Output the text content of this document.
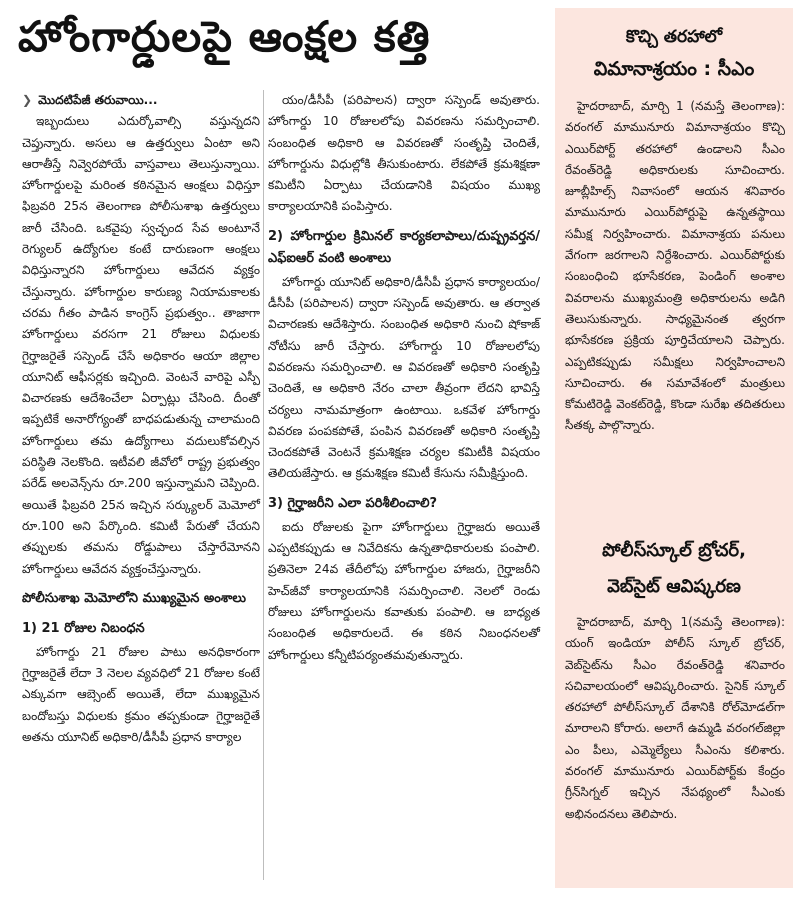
హోంగార్డులపై ఆంక్షల కత్తి

❯ మొదటిపేజీ తరువాయి...

ఇబ్బందులు ఎదుర్కోవాల్సి వస్తున్నదని చెప్తున్నారు. అసలు ఆ ఉత్తర్వులు ఏంటా అని ఆరాతీస్తే నివ్వెరపోయే వాస్తవాలు తెలుస్తున్నాయి. హోంగార్డులపై మరింత కఠినమైన ఆంక్షలు విధిస్తూ ఫిబ్రవరి 25న తెలంగాణ పోలీసుశాఖ ఉత్తర్వులు జారీ చేసింది. ఒకవైపు స్వచ్ఛంద సేవ అంటూనే రెగ్యులర్ ఉద్యోగుల కంటే దారుణంగా ఆంక్షలు విధిస్తున్నారని హోంగార్డులు ఆవేదన వ్యక్తం చేస్తున్నారు. హోంగార్డుల కారుణ్య నియామకాలకు చరమ గీతం పాడిన కాంగ్రెస్ ప్రభుత్వం.. తాజాగా హోంగార్డులు వరసగా 21 రోజులు విధులకు గైర్హాజరైతే సస్పెండ్ చేసే అధికారం ఆయా జిల్లాల యూనిట్ ఆఫీసర్లకు ఇచ్చింది. వెంటనే వారిపై ఎస్పీ విచారణకు ఆదేశించేలా ఏర్పాట్లు చేసింది. దీంతో ఇప్పటికే అనారోగ్యంతో బాధపడుతున్న చాలామంది హోంగార్డులు తమ ఉద్యోగాలు వదులుకోవల్సిన పరిస్థితి నెలకొంది. ఇటీవలి జీవోలో రాష్ట్ర ప్రభుత్వం పరేడ్ అలవెన్స్‌ను రూ.200 ఇస్తున్నామని చెప్పింది. అయితే ఫిబ్రవరి 25న ఇచ్చిన సర్క్యులర్ మెమోలో రూ.100 అని పేర్కొంది. కమిటీ పేరుతో చేయని తప్పులకు తమను రోడ్డుపాలు చేస్తారేమోనని హోంగార్డులు ఆవేదన వ్యక్తంచేస్తున్నారు.

పోలీసుశాఖ మెమోలోని ముఖ్యమైన అంశాలు

1) 21 రోజుల నిబంధన

హోంగార్డు 21 రోజుల పాటు అనధికారంగా గైర్హాజరైతే లేదా 3 నెలల వ్యవధిలో 21 రోజుల కంటే ఎక్కువగా ఆబ్సెంట్ అయితే, లేదా ముఖ్యమైన బందోబస్తు విధులకు క్రమం తప్పకుండా గైర్హాజరైతే అతను యూనిట్ అధికారి/డీసీపీ ప్రధాన కార్యాల

యం/డీసీపీ (పరిపాలన) ద్వారా సస్పెండ్ అవుతారు. హోంగార్డు 10 రోజులలోపు వివరణను సమర్పించాలి. సంబంధిత అధికారి ఆ వివరణతో సంతృప్తి చెందితే, హోంగార్డును విధుల్లోకి తీసుకుంటారు. లేకపోతే క్రమశిక్షణా కమిటీని ఏర్పాటు చేయడానికి విషయం ముఖ్య కార్యాలయానికి పంపిస్తారు.

2) హోంగార్డుల క్రిమినల్ కార్యకలాపాలు/దుష్ప్రవర్తన/ ఎఫ్ఐఆర్ వంటి అంశాలు

హోంగార్డు యూనిట్ అధికారి/డీసీపీ ప్రధాన కార్యాలయం/డీసీపీ (పరిపాలన) ద్వారా సస్పెండ్ అవుతారు. ఆ తర్వాత విచారణకు ఆదేశిస్తారు. సంబంధిత అధికారి నుంచి షోకాజ్ నోటీసు జారీ చేస్తారు. హోంగార్డు 10 రోజులలోపు వివరణను సమర్పించాలి. ఆ వివరణతో అధికారి సంతృప్తి చెందితే, ఆ అధికారి నేరం చాలా తీవ్రంగా లేదని భావిస్తే చర్యలు నామమాత్రంగా ఉంటాయి. ఒకవేళ హోంగార్డు వివరణ పంపకపోతే, పంపిన వివరణతో అధికారి సంతృప్తి చెందకపోతే వెంటనే క్రమశిక్షణ చర్యల కమిటీకి విషయం తెలియజేస్తారు. ఆ క్రమశిక్షణ కమిటీ కేసును సమీక్షిస్తుంది.

3) గైర్హాజరీని ఎలా పరిశీలించాలి?

ఐదు రోజులకు పైగా హోంగార్డులు గైర్హాజరు అయితే ఎప్పటికప్పుడు ఆ నివేదికను ఉన్నతాధికారులకు పంపాలి. ప్రతినెలా 24వ తేదీలోపు హోంగార్డుల హాజరు, గైర్హాజరీని హెచ్‌జీవో కార్యాలయానికి సమర్పించాలి. నెలలో రెండు రోజులు హోంగార్డులను కవాతుకు పంపాలి. ఆ బాధ్యత సంబంధిత అధికారులదే. ఈ కఠిన నిబంధనలతో హోంగార్డులు కన్నీటిపర్యంతమవుతున్నారు.

కొచ్చి తరహాలో
విమానాశ్రయం : సీఎం

హైదరాబాద్, మార్చి 1 (నమస్తే తెలంగాణ): వరంగల్ మామునూరు విమానాశ్రయం కొచ్చి ఎయిర్‌పోర్ట్ తరహాలో ఉండాలని సీఎం రేవంత్‌రెడ్డి అధికారులకు సూచించారు. జూబ్లీహిల్స్ నివాసంలో ఆయన శనివారం మామునూరు ఎయిర్‌పోర్టుపై ఉన్నతస్థాయి సమీక్ష నిర్వహించారు. విమానాశ్రయ పనులు వేగంగా జరగాలని నిర్దేశించారు. ఎయిర్‌పోర్టుకు సంబంధించి భూసేకరణ, పెండింగ్ అంశాల వివరాలను ముఖ్యమంత్రి అధికారులను అడిగి తెలుసుకున్నారు. సాధ్యమైనంత త్వరగా భూసేకరణ ప్రక్రియ పూర్తిచేయాలని చెప్పారు. ఎప్పటికప్పుడు సమీక్షలు నిర్వహించాలని సూచించారు. ఈ సమావేశంలో మంత్రులు కోమటిరెడ్డి వెంకట్‌రెడ్డి, కొండా సురేఖ తదితరులు సీతక్క పాల్గొన్నారు.

పోలీస్‌స్కూల్ బ్రోచర్,
వెబ్‌సైట్ ఆవిష్కరణ

హైదరాబాద్, మార్చి 1(నమస్తే తెలంగాణ): యంగ్ ఇండియా పోలీస్ స్కూల్ బ్రోచర్, వెబ్‌సైట్‌ను సీఎం రేవంత్‌రెడ్డి శనివారం సచివాలయంలో ఆవిష్కరించారు. సైనిక్ స్కూల్ తరహాలో పోలీస్‌స్కూల్ దేశానికి రోల్‌మోడల్‌గా మారాలని కోరారు. అలాగే ఉమ్మడి వరంగల్‌జిల్లా ఎం పీలు, ఎమ్మెల్యేలు సీఎంను కలిశారు. వరంగల్ మామునూరు ఎయిర్‌పోర్ట్‌కు కేంద్రం గ్రీన్‌సిగ్నల్ ఇచ్చిన నేపథ్యంలో సీఎంకు అభినందనలు తెలిపారు.
